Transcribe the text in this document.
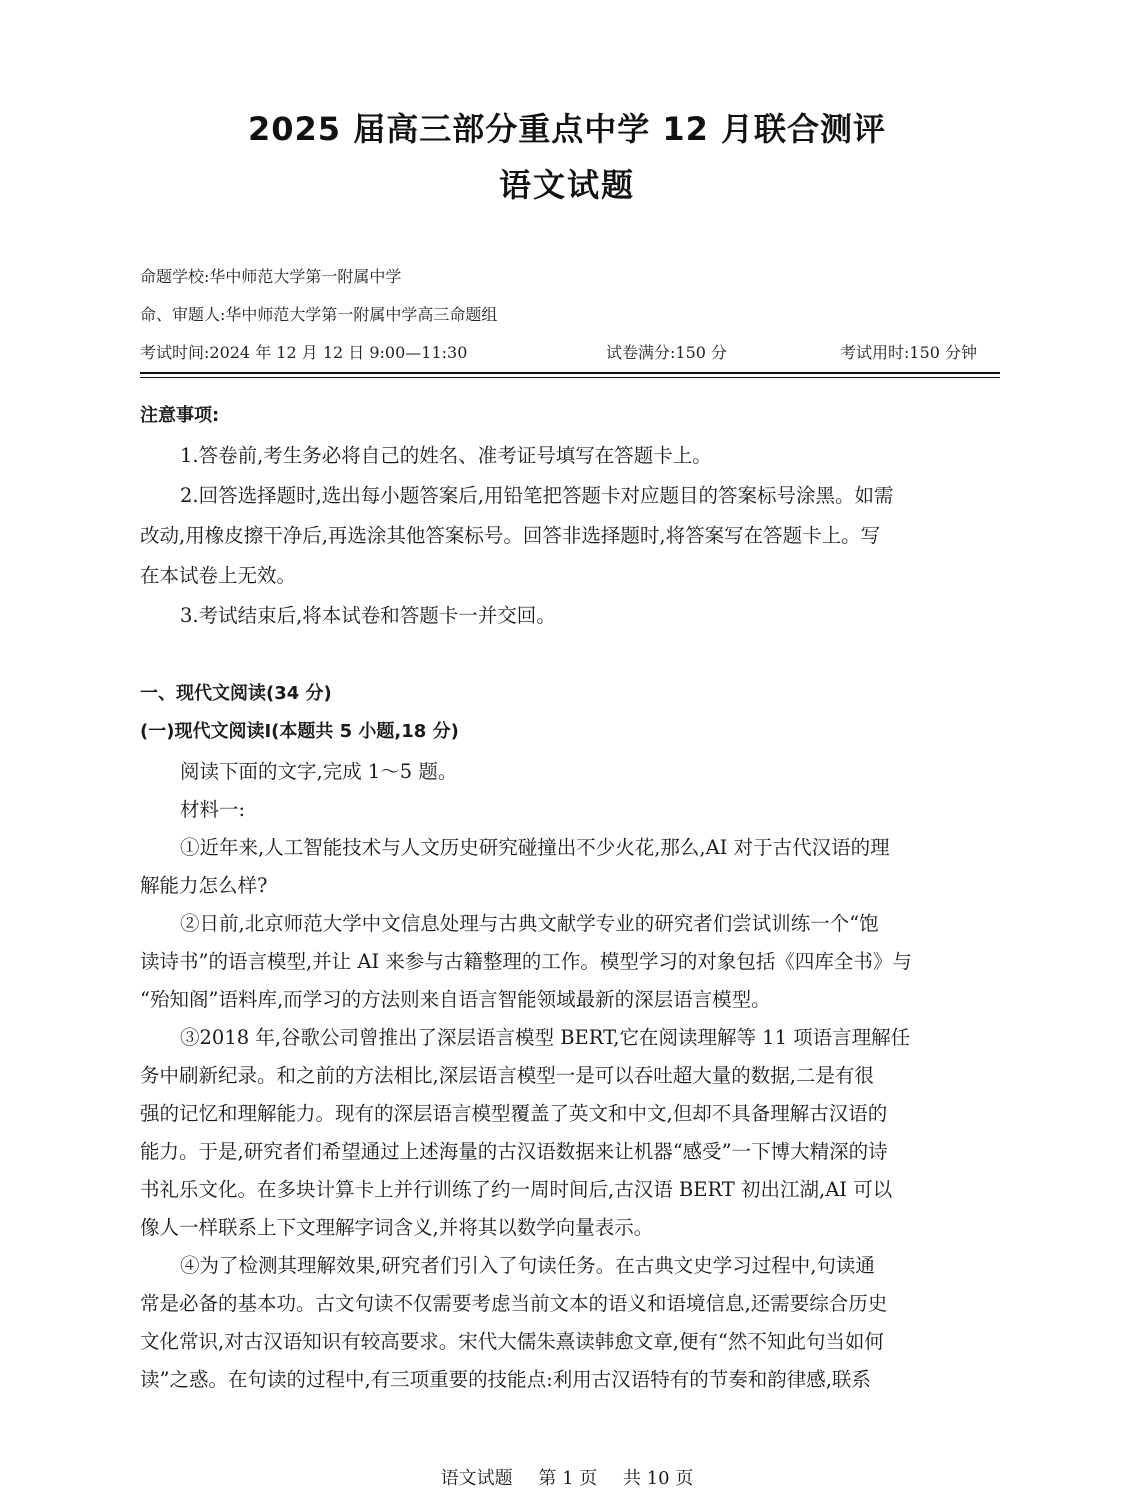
2025 届高三部分重点中学 12 月联合测评
语文试题
命题学校:华中师范大学第一附属中学
命、审题人:华中师范大学第一附属中学高三命题组
考试时间:2024 年 12 月 12 日 9:00—11:30	试卷满分:150 分	考试用时:150 分钟
注意事项:
1.答卷前,考生务必将自己的姓名、准考证号填写在答题卡上。
2.回答选择题时,选出每小题答案后,用铅笔把答题卡对应题目的答案标号涂黑。如需
改动,用橡皮擦干净后,再选涂其他答案标号。回答非选择题时,将答案写在答题卡上。写
在本试卷上无效。
3.考试结束后,将本试卷和答题卡一并交回。
一、现代文阅读(34 分)
(一)现代文阅读Ⅰ(本题共 5 小题,18 分)
阅读下面的文字,完成 1～5 题。
材料一:
①近年来,人工智能技术与人文历史研究碰撞出不少火花,那么,AI 对于古代汉语的理
解能力怎么样?
②日前,北京师范大学中文信息处理与古典文献学专业的研究者们尝试训练一个“饱
读诗书”的语言模型,并让 AI 来参与古籍整理的工作。模型学习的对象包括《四库全书》与
“殆知阁”语料库,而学习的方法则来自语言智能领域最新的深层语言模型。
③2018 年,谷歌公司曾推出了深层语言模型 BERT,它在阅读理解等 11 项语言理解任
务中刷新纪录。和之前的方法相比,深层语言模型一是可以吞吐超大量的数据,二是有很
强的记忆和理解能力。现有的深层语言模型覆盖了英文和中文,但却不具备理解古汉语的
能力。于是,研究者们希望通过上述海量的古汉语数据来让机器“感受”一下博大精深的诗
书礼乐文化。在多块计算卡上并行训练了约一周时间后,古汉语 BERT 初出江湖,AI 可以
像人一样联系上下文理解字词含义,并将其以数学向量表示。
④为了检测其理解效果,研究者们引入了句读任务。在古典文史学习过程中,句读通
常是必备的基本功。古文句读不仅需要考虑当前文本的语义和语境信息,还需要综合历史
文化常识,对古汉语知识有较高要求。宋代大儒朱熹读韩愈文章,便有“然不知此句当如何
读”之惑。在句读的过程中,有三项重要的技能点:利用古汉语特有的节奏和韵律感,联系
语文试题 第 1 页 共 10 页
